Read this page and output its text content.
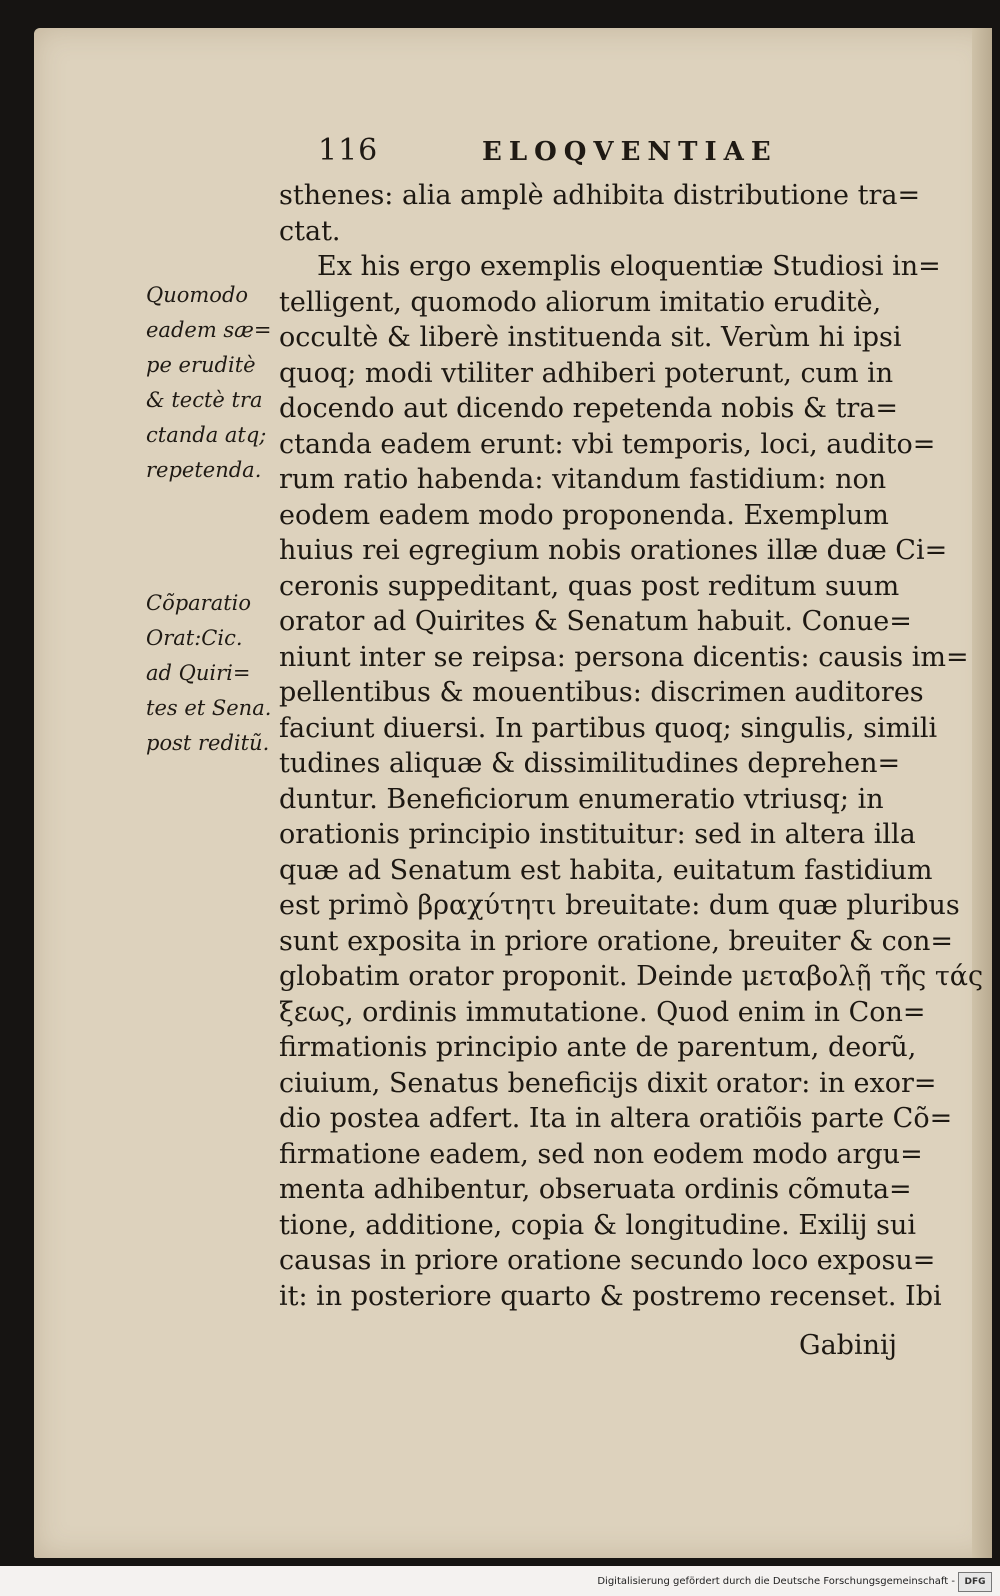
116	ELOQVENTIAE
Quomodo
eadem sæ=
pe eruditè
& tectè tra
ctanda atq;
repetenda.
Cõparatio
Orat:Cic.
ad Quiri=
tes et Sena.
post reditũ.
sthenes: alia amplè adhibita distributione tra=
ctat.
Ex his ergo exemplis eloquentiæ Studiosi in=
telligent, quomodo aliorum imitatio eruditè,
occultè & liberè instituenda sit. Verùm hi ipsi
quoq; modi vtiliter adhiberi poterunt, cum in
docendo aut dicendo repetenda nobis & tra=
ctanda eadem erunt: vbi temporis, loci, audito=
rum ratio habenda: vitandum fastidium: non
eodem eadem modo proponenda. Exemplum
huius rei egregium nobis orationes illæ duæ Ci=
ceronis suppeditant, quas post reditum suum
orator ad Quirites & Senatum habuit. Conue=
niunt inter se reipsa: persona dicentis: causis im=
pellentibus & mouentibus: discrimen auditores
faciunt diuersi. In partibus quoq; singulis, simili
tudines aliquæ & dissimilitudines deprehen=
duntur. Beneficiorum enumeratio vtriusq; in
orationis principio instituitur: sed in altera illa
quæ ad Senatum est habita, euitatum fastidium
est primò βραχύτητι breuitate: dum quæ pluribus
sunt exposita in priore oratione, breuiter & con=
globatim orator proponit. Deinde μεταβολῇ τῆς τάς
ξεως, ordinis immutatione. Quod enim in Con=
firmationis principio ante de parentum, deorũ,
ciuium, Senatus beneficijs dixit orator: in exor=
dio postea adfert. Ita in altera oratiõis parte Cõ=
firmatione eadem, sed non eodem modo argu=
menta adhibentur, obseruata ordinis cõmuta=
tione, additione, copia & longitudine. Exilij sui
causas in priore oratione secundo loco exposu=
it: in posteriore quarto & postremo recenset. Ibi
Gabinij
Digitalisierung gefördert durch die Deutsche Forschungsgemeinschaft -	DFG
